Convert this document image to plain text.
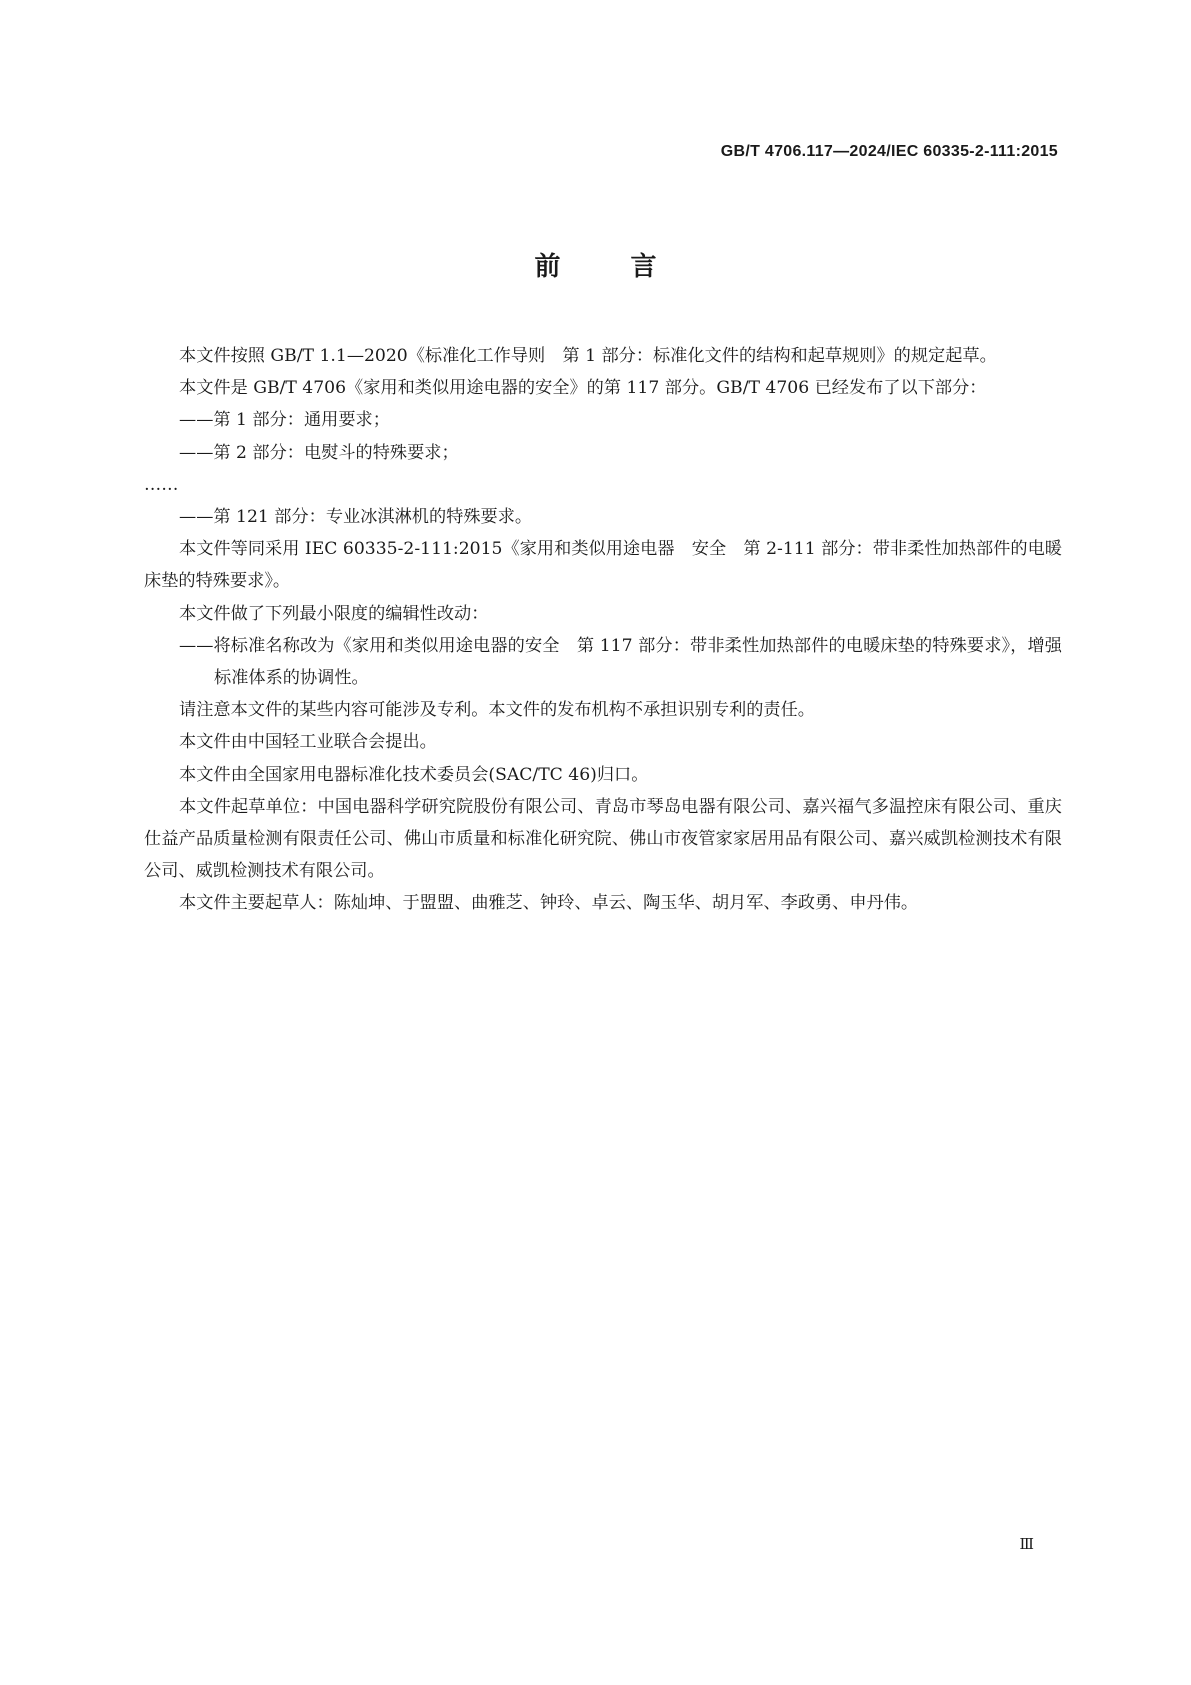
GB/T 4706.117—2024/IEC 60335-2-111:2015
前言

本文件按照 GB/T 1.1—2020《标准化工作导则　第 1 部分：标准化文件的结构和起草规则》的规定起草。

本文件是 GB/T 4706《家用和类似用途电器的安全》的第 117 部分。GB/T 4706 已经发布了以下部分：

——第 1 部分：通用要求；

——第 2 部分：电熨斗的特殊要求；

……

——第 121 部分：专业冰淇淋机的特殊要求。

本文件等同采用 IEC 60335-2-111:2015《家用和类似用途电器　安全　第 2-111 部分：带非柔性加热部件的电暖床垫的特殊要求》。

本文件做了下列最小限度的编辑性改动：

——将标准名称改为《家用和类似用途电器的安全　第 117 部分：带非柔性加热部件的电暖床垫的特殊要求》，增强标准体系的协调性。

请注意本文件的某些内容可能涉及专利。本文件的发布机构不承担识别专利的责任。

本文件由中国轻工业联合会提出。

本文件由全国家用电器标准化技术委员会(SAC/TC 46)归口。

本文件起草单位：中国电器科学研究院股份有限公司、青岛市琴岛电器有限公司、嘉兴福气多温控床有限公司、重庆仕益产品质量检测有限责任公司、佛山市质量和标准化研究院、佛山市夜管家家居用品有限公司、嘉兴威凯检测技术有限公司、威凯检测技术有限公司。

本文件主要起草人：陈灿坤、于盟盟、曲雅芝、钟玲、卓云、陶玉华、胡月军、李政勇、申丹伟。

Ⅲ
